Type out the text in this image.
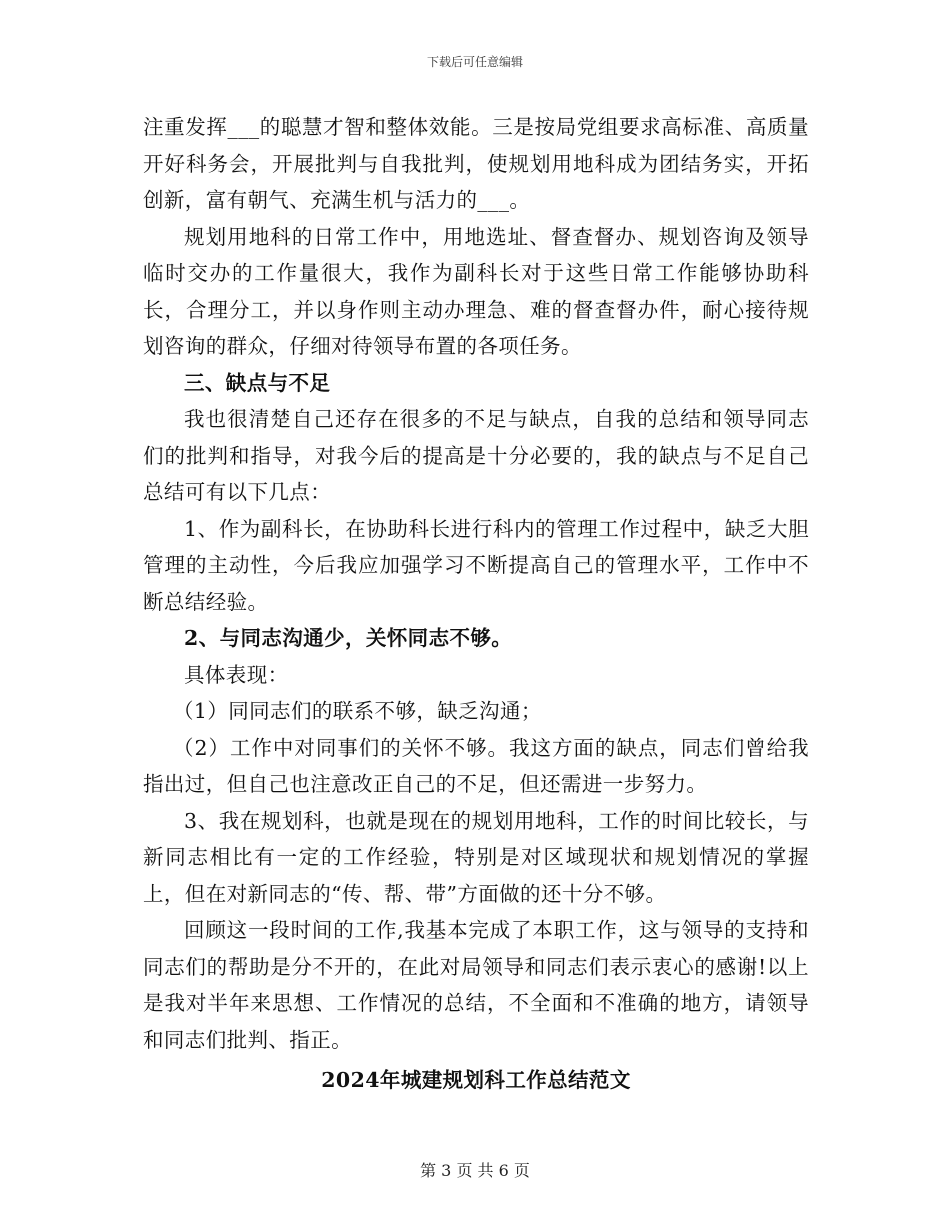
下载后可任意编辑

注重发挥___的聪慧才智和整体效能。三是按局党组要求高标准、高质量开好科务会，开展批判与自我批判，使规划用地科成为团结务实，开拓创新，富有朝气、充满生机与活力的___。

规划用地科的日常工作中，用地选址、督查督办、规划咨询及领导临时交办的工作量很大，我作为副科长对于这些日常工作能够协助科长，合理分工，并以身作则主动办理急、难的督查督办件，耐心接待规划咨询的群众，仔细对待领导布置的各项任务。

三、缺点与不足

我也很清楚自己还存在很多的不足与缺点，自我的总结和领导同志们的批判和指导，对我今后的提高是十分必要的，我的缺点与不足自己总结可有以下几点：

1、作为副科长，在协助科长进行科内的管理工作过程中，缺乏大胆管理的主动性，今后我应加强学习不断提高自己的管理水平，工作中不断总结经验。

2、与同志沟通少，关怀同志不够。

具体表现：

（1）同同志们的联系不够，缺乏沟通；

（2）工作中对同事们的关怀不够。我这方面的缺点，同志们曾给我指出过，但自己也注意改正自己的不足，但还需进一步努力。

3、我在规划科，也就是现在的规划用地科，工作的时间比较长，与新同志相比有一定的工作经验，特别是对区域现状和规划情况的掌握上，但在对新同志的“传、帮、带”方面做的还十分不够。

回顾这一段时间的工作,我基本完成了本职工作，这与领导的支持和同志们的帮助是分不开的，在此对局领导和同志们表示衷心的感谢!以上是我对半年来思想、工作情况的总结，不全面和不准确的地方，请领导和同志们批判、指正。

2024年城建规划科工作总结范文

第 3 页 共 6 页
